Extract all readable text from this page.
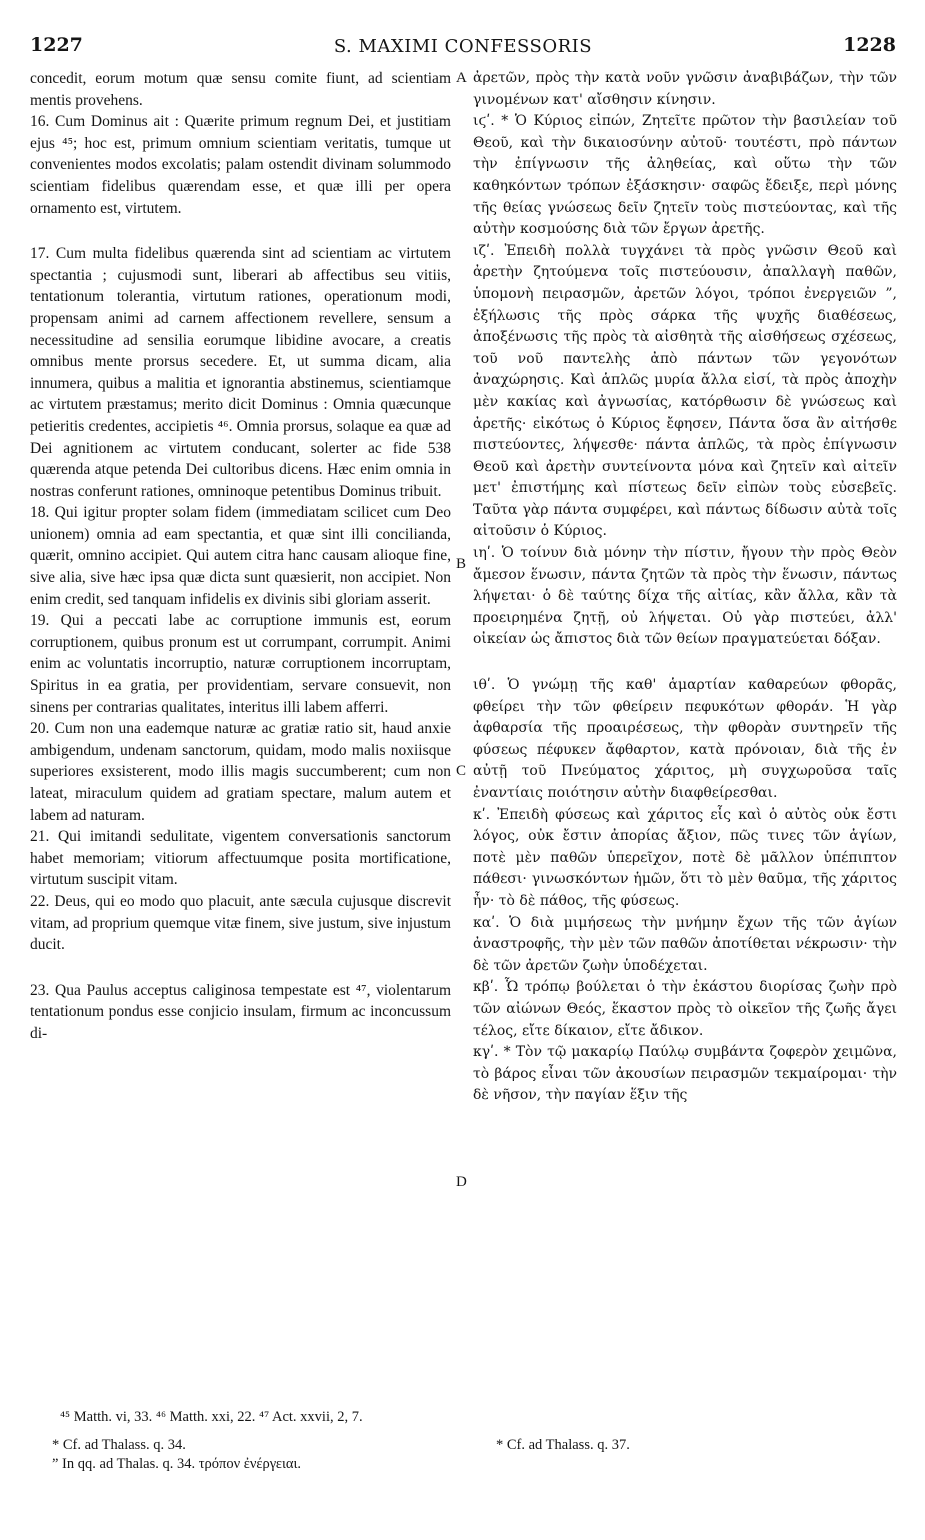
1227	S. MAXIMI CONFESSORIS	1228

concedit, eorum motum quæ sensu comite fiunt, ad scientiam mentis provehens.

16. Cum Dominus ait : Quærite primum regnum Dei, et justitiam ejus ⁴⁵; hoc est, primum omnium scientiam veritatis, tumque ut convenientes modos excolatis; palam ostendit divinam solummodo scientiam fidelibus quærendam esse, et quæ illi per opera ornamento est, virtutem.

17. Cum multa fidelibus quærenda sint ad scientiam ac virtutem spectantia ; cujusmodi sunt, liberari ab affectibus seu vitiis, tentationum tolerantia, virtutum rationes, operationum modi, propensam animi ad carnem affectionem revellere, sensum a necessitudine ad sensilia eorumque libidine avocare, a creatis omnibus mente prorsus secedere. Et, ut summa dicam, alia innumera, quibus a malitia et ignorantia abstinemus, scientiamque ac virtutem præstamus; merito dicit Dominus : Omnia quæcunque petieritis credentes, accipietis ⁴⁶. Omnia prorsus, solaque ea quæ ad Dei agnitionem ac virtutem conducant, solerter ac fide 538 quærenda atque petenda Dei cultoribus dicens. Hæc enim omnia in nostras conferunt rationes, omninoque petentibus Dominus tribuit.

18. Qui igitur propter solam fidem (immediatam scilicet cum Deo unionem) omnia ad eam spectantia, et quæ sint illi concilianda, quærit, omnino accipiet. Qui autem citra hanc causam alioque fine, sive alia, sive hæc ipsa quæ dicta sunt quæsierit, non accipiet. Non enim credit, sed tanquam infidelis ex divinis sibi gloriam asserit.

19. Qui a peccati labe ac corruptione immunis est, eorum corruptionem, quibus pronum est ut corrumpant, corrumpit. Animi enim ac voluntatis incorruptio, naturæ corruptionem incorruptam, Spiritus in ea gratia, per providentiam, servare consuevit, non sinens per contrarias qualitates, interitus illi labem afferri.

20. Cum non una eademque naturæ ac gratiæ ratio sit, haud anxie ambigendum, undenam sanctorum, quidam, modo malis noxiisque superiores exsisterent, modo illis magis succumberent; cum non lateat, miraculum quidem ad gratiam spectare, malum autem et labem ad naturam.

21. Qui imitandi sedulitate, vigentem conversationis sanctorum habet memoriam; vitiorum affectuumque posita mortificatione, virtutum suscipit vitam.

22. Deus, qui eo modo quo placuit, ante sæcula cujusque discrevit vitam, ad proprium quemque vitæ finem, sive justum, sive injustum ducit.

23. Qua Paulus acceptus caliginosa tempestate est ⁴⁷, violentarum tentationum pondus esse conjicio insulam, firmum ac inconcussum di-

ἀρετῶν, πρὸς τὴν κατὰ νοῦν γνῶσιν ἀναβιβάζων, τὴν τῶν γινομένων κατ' αἴσθησιν κίνησιν.

ιϛʹ. * Ὁ Κύριος εἰπών, Ζητεῖτε πρῶτον τὴν βασιλείαν τοῦ Θεοῦ, καὶ τὴν δικαιοσύνην αὐτοῦ· τουτέστι, πρὸ πάντων τὴν ἐπίγνωσιν τῆς ἀληθείας, καὶ οὕτω τὴν τῶν καθηκόντων τρόπων ἐξάσκησιν· σαφῶς ἔδειξε, περὶ μόνης τῆς θείας γνώσεως δεῖν ζητεῖν τοὺς πιστεύοντας, καὶ τῆς αὐτὴν κοσμούσης διὰ τῶν ἔργων ἀρετῆς.

ιζʹ. Ἐπειδὴ πολλὰ τυγχάνει τὰ πρὸς γνῶσιν Θεοῦ καὶ ἀρετὴν ζητούμενα τοῖς πιστεύουσιν, ἀπαλλαγὴ παθῶν, ὑπομονὴ πειρασμῶν, ἀρετῶν λόγοι, τρόποι ἐνεργειῶν ”, ἐξήλωσις τῆς πρὸς σάρκα τῆς ψυχῆς διαθέσεως, ἀποξένωσις τῆς πρὸς τὰ αἰσθητὰ τῆς αἰσθήσεως σχέσεως, τοῦ νοῦ παντελὴς ἀπὸ πάντων τῶν γεγονότων ἀναχώρησις. Καὶ ἁπλῶς μυρία ἄλλα εἰσί, τὰ πρὸς ἀποχὴν μὲν κακίας καὶ ἀγνωσίας, κατόρθωσιν δὲ γνώσεως καὶ ἀρετῆς· εἰκότως ὁ Κύριος ἔφησεν, Πάντα ὅσα ἂν αἰτήσθε πιστεύοντες, λήψεσθε· πάντα ἁπλῶς, τὰ πρὸς ἐπίγνωσιν Θεοῦ καὶ ἀρετὴν συντείνοντα μόνα καὶ ζητεῖν καὶ αἰτεῖν μετ' ἐπιστήμης καὶ πίστεως δεῖν εἰπὼν τοὺς εὐσεβεῖς. Ταῦτα γὰρ πάντα συμφέρει, καὶ πάντως δίδωσιν αὐτὰ τοῖς αἰτοῦσιν ὁ Κύριος.

ιηʹ. Ὁ τοίνυν διὰ μόνην τὴν πίστιν, ἤγουν τὴν πρὸς Θεὸν ἄμεσον ἕνωσιν, πάντα ζητῶν τὰ πρὸς τὴν ἕνωσιν, πάντως λήψεται· ὁ δὲ ταύτης δίχα τῆς αἰτίας, κἂν ἄλλα, κἂν τὰ προειρημένα ζητῇ, οὐ λήψεται. Οὐ γὰρ πιστεύει, ἀλλ' οἰκείαν ὡς ἄπιστος διὰ τῶν θείων πραγματεύεται δόξαν.

ιθʹ. Ὁ γνώμῃ τῆς καθ' ἁμαρτίαν καθαρεύων φθορᾶς, φθείρει τὴν τῶν φθείρειν πεφυκότων φθοράν. Ἡ γὰρ ἀφθαρσία τῆς προαιρέσεως, τὴν φθορὰν συντηρεῖν τῆς φύσεως πέφυκεν ἄφθαρτον, κατὰ πρόνοιαν, διὰ τῆς ἐν αὐτῇ τοῦ Πνεύματος χάριτος, μὴ συγχωροῦσα ταῖς ἐναντίαις ποιότησιν αὐτὴν διαφθείρεσθαι.

κʹ. Ἐπειδὴ φύσεως καὶ χάριτος εἷς καὶ ὁ αὐτὸς οὐκ ἔστι λόγος, οὐκ ἔστιν ἀπορίας ἄξιον, πῶς τινες τῶν ἁγίων, ποτὲ μὲν παθῶν ὑπερεῖχον, ποτὲ δὲ μᾶλλον ὑπέπιπτον πάθεσι· γινωσκόντων ἡμῶν, ὅτι τὸ μὲν θαῦμα, τῆς χάριτος ἦν· τὸ δὲ πάθος, τῆς φύσεως.

καʹ. Ὁ διὰ μιμήσεως τὴν μνήμην ἔχων τῆς τῶν ἁγίων ἀναστροφῆς, τὴν μὲν τῶν παθῶν ἀποτίθεται νέκρωσιν· τὴν δὲ τῶν ἀρετῶν ζωὴν ὑποδέχεται.

κβʹ. Ὧ τρόπῳ βούλεται ὁ τὴν ἑκάστου διορίσας ζωὴν πρὸ τῶν αἰώνων Θεός, ἕκαστον πρὸς τὸ οἰκεῖον τῆς ζωῆς ἄγει τέλος, εἴτε δίκαιον, εἴτε ἄδικον.

κγʹ. * Τὸν τῷ μακαρίῳ Παύλῳ συμβάντα ζοφερὸν χειμῶνα, τὸ βάρος εἶναι τῶν ἀκουσίων πειρασμῶν τεκμαίρομαι· τὴν δὲ νῆσον, τὴν παγίαν ἕξιν τῆς

A
B
C
D
⁴⁵ Matth. vi, 33. ⁴⁶ Matth. xxi, 22. ⁴⁷ Act. xxvii, 2, 7.
* Cf. ad Thalass. q. 34.
” In qq. ad Thalas. q. 34. τρόπον ἐνέργειαι.
* Cf. ad Thalass. q. 37.
